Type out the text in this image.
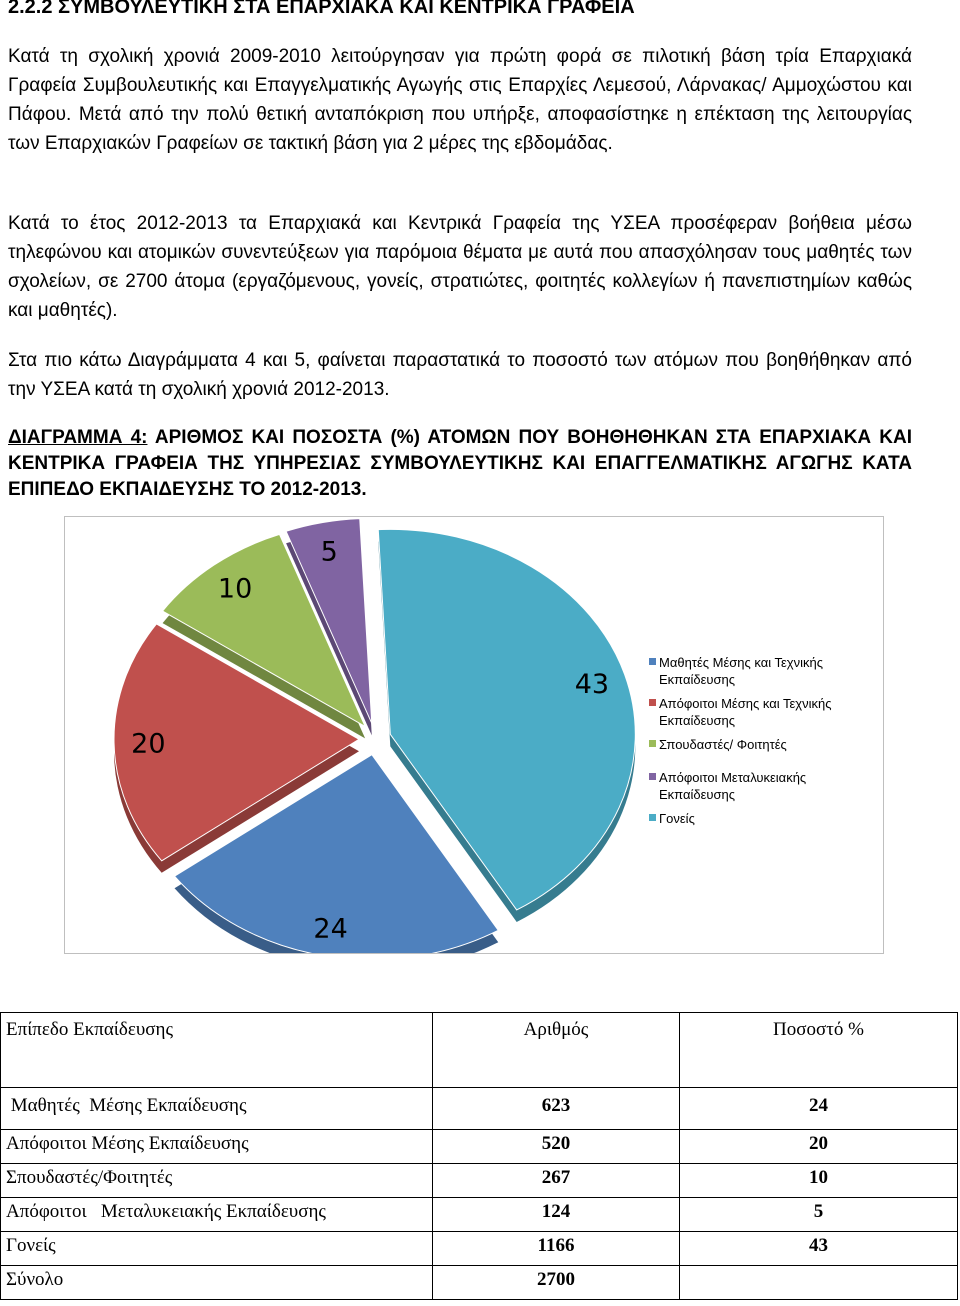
2.2.2 ΣΥΜΒΟΥΛΕΥΤΙΚΗ ΣΤΑ ΕΠΑΡΧΙΑΚΑ ΚΑΙ ΚΕΝΤΡΙΚΑ ΓΡΑΦΕΙΑ

Κατά τη σχολική χρονιά 2009-2010 λειτούργησαν για πρώτη φορά σε πιλοτική βάση τρία Επαρχιακά Γραφεία Συμβουλευτικής και Επαγγελματικής Αγωγής στις Επαρχίες Λεμεσού, Λάρνακας/ Αμμοχώστου και Πάφου. Μετά από την πολύ θετική ανταπόκριση που υπήρξε, αποφασίστηκε η επέκταση της λειτουργίας των Επαρχιακών Γραφείων σε τακτική βάση για 2 μέρες της εβδομάδας.

Κατά το έτος 2012-2013 τα Επαρχιακά και Κεντρικά Γραφεία της ΥΣΕΑ προσέφεραν βοήθεια μέσω τηλεφώνου και ατομικών συνεντεύξεων για παρόμοια θέματα με αυτά που απασχόλησαν τους μαθητές των σχολείων, σε 2700 άτομα (εργαζόμενους, γονείς, στρατιώτες, φοιτητές κολλεγίων ή πανεπιστημίων καθώς και μαθητές).

Στα πιο κάτω Διαγράμματα 4 και 5, φαίνεται παραστατικά το ποσοστό των ατόμων που βοηθήθηκαν από την ΥΣΕΑ κατά τη σχολική χρονιά 2012-2013.

ΔΙΑΓΡΑΜΜΑ 4: ΑΡΙΘΜΟΣ ΚΑΙ ΠΟΣΟΣΤΑ (%) ΑΤΟΜΩΝ ΠΟΥ ΒΟΗΘΗΘΗΚΑΝ ΣΤΑ ΕΠΑΡΧΙΑΚΑ ΚΑΙ ΚΕΝΤΡΙΚΑ ΓΡΑΦΕΙΑ ΤΗΣ ΥΠΗΡΕΣΙΑΣ ΣΥΜΒΟΥΛΕΥΤΙΚΗΣ ΚΑΙ ΕΠΑΓΓΕΛΜΑΤΙΚΗΣ ΑΓΩΓΗΣ ΚΑΤΑ ΕΠΙΠΕΔΟ ΕΚΠΑΙΔΕΥΣΗΣ ΤΟ 2012-2013.

43
24
20
10
5
Μαθητές Μέσης και Τεχνικής Εκπαίδευσης
Απόφοιτοι Μέσης και Τεχνικής Εκπαίδευσης
Σπουδαστές/ Φοιτητές
Απόφοιτοι Μεταλυκειακής Εκπαίδευσης
Γονείς
Επίπεδο Εκπαίδευσης	Αριθμός	Ποσοστό %
Μαθητές  Μέσης Εκπαίδευσης	623	24
Απόφοιτοι Μέσης Εκπαίδευσης	520	20
Σπουδαστές/Φοιτητές	267	10
Απόφοιτοι   Μεταλυκειακής Εκπαίδευσης	124	5
Γονείς	1166	43
Σύνολο	2700	
